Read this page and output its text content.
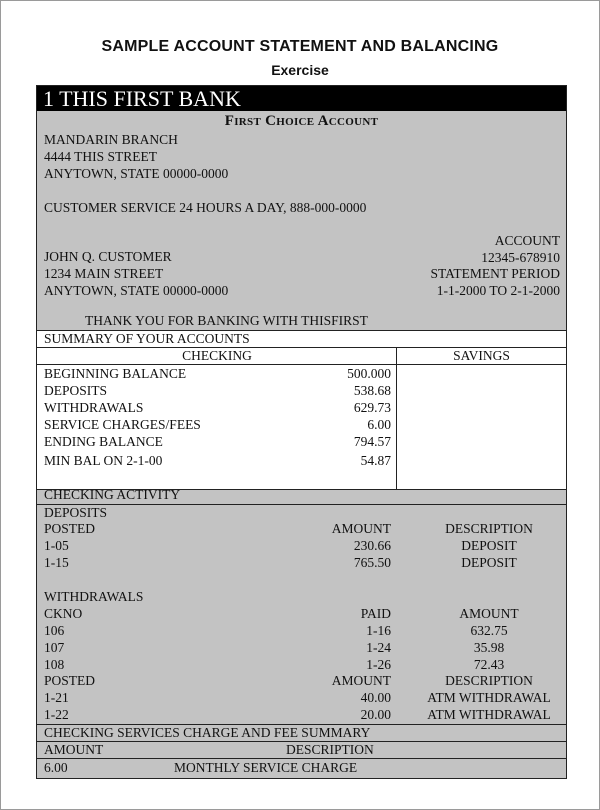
SAMPLE ACCOUNT STATEMENT AND BALANCING
Exercise
1 THIS FIRST BANK
First Choice Account
MANDARIN BRANCH
4444 THIS STREET
ANYTOWN, STATE 00000-0000
CUSTOMER SERVICE 24 HOURS A DAY, 888-000-0000
ACCOUNT
12345-678910
STATEMENT PERIOD
1-1-2000 TO 2-1-2000
JOHN Q. CUSTOMER
1234 MAIN STREET
ANYTOWN, STATE 00000-0000
THANK YOU FOR BANKING WITH THISFIRST
SUMMARY OF YOUR ACCOUNTS
CHECKING	SAVINGS
BEGINNING BALANCE	500.000
DEPOSITS	538.68
WITHDRAWALS	629.73
SERVICE CHARGES/FEES	6.00
ENDING BALANCE	794.57
MIN BAL ON 2-1-00	54.87
CHECKING ACTIVITY
DEPOSITS
POSTED	AMOUNT	DESCRIPTION
1-05	230.66	DEPOSIT
1-15	765.50	DEPOSIT
WITHDRAWALS
CKNO	PAID	AMOUNT
106	1-16	632.75
107	1-24	35.98
108	1-26	72.43
POSTED	AMOUNT	DESCRIPTION
1-21	40.00	ATM WITHDRAWAL
1-22	20.00	ATM WITHDRAWAL
CHECKING SERVICES CHARGE AND FEE SUMMARY
AMOUNT	DESCRIPTION
6.00	MONTHLY SERVICE CHARGE
